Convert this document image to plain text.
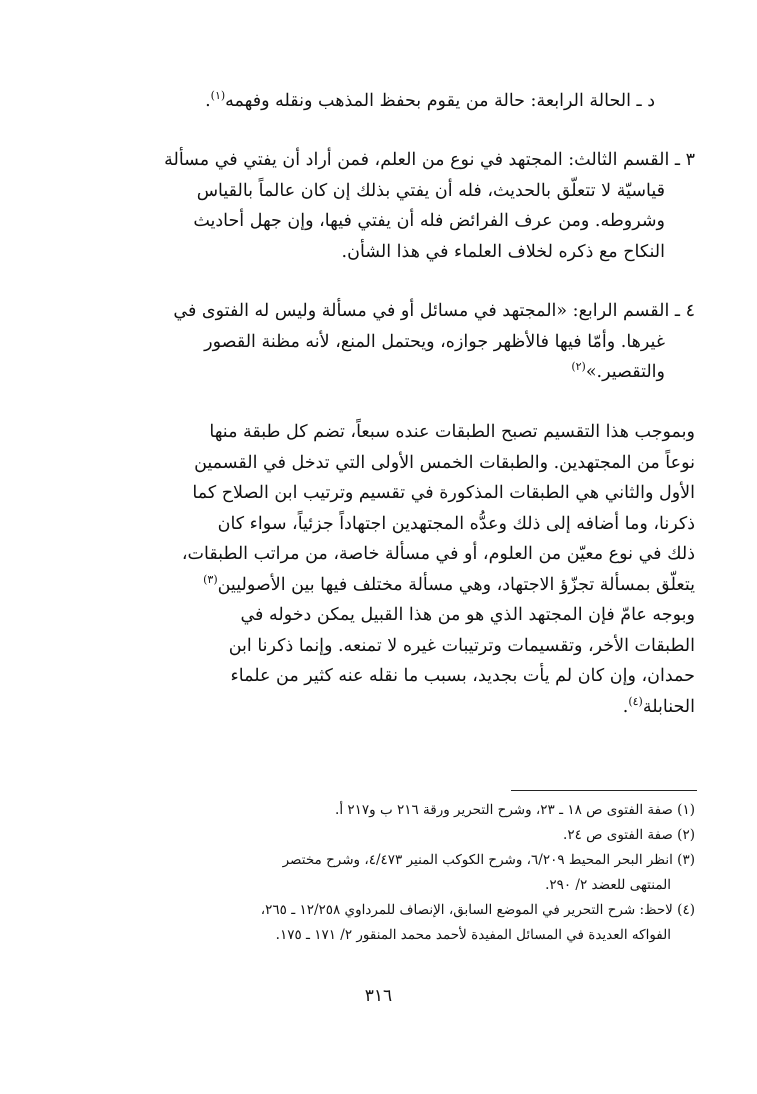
د ـ الحالة الرابعة: حالة من يقوم بحفظ المذهب ونقله وفهمه$^{(١)}$.
٣ ـ القسم الثالث: المجتهد في نوع من العلم، فمن أراد أن يفتي في مسألة
قياسيّة لا تتعلّق بالحديث، فله أن يفتي بذلك إن كان عالماً بالقياس
وشروطه. ومن عرف الفرائض فله أن يفتي فيها، وإن جهل أحاديث
النكاح مع ذكره لخلاف العلماء في هذا الشأن.
٤ ـ القسم الرابع: «المجتهد في مسائل أو في مسألة وليس له الفتوى في
غيرها. وأمّا فيها فالأظهر جوازه، ويحتمل المنع، لأنه مظنة القصور
والتقصير.»$^{(٢)}$
وبموجب هذا التقسيم تصبح الطبقات عنده سبعاً، تضم كل طبقة منها
نوعاً من المجتهدين. والطبقات الخمس الأولى التي تدخل في القسمين
الأول والثاني هي الطبقات المذكورة في تقسيم وترتيب ابن الصلاح كما
ذكرنا، وما أضافه إلى ذلك وعدُّه المجتهدين اجتهاداً جزئياً، سواء كان
ذلك في نوع معيّن من العلوم، أو في مسألة خاصة، من مراتب الطبقات،
يتعلّق بمسألة تجزّؤ الاجتهاد، وهي مسألة مختلف فيها بين الأصوليين$^{(٣)}$
وبوجه عامّ فإن المجتهد الذي هو من هذا القبيل يمكن دخوله في
الطبقات الأخر، وتقسيمات وترتيبات غيره لا تمنعه. وإنما ذكرنا ابن
حمدان، وإن كان لم يأت بجديد، بسبب ما نقله عنه كثير من علماء
الحنابلة$^{(٤)}$.
(١) صفة الفتوى ص ١٨ ـ ٢٣، وشرح التحرير ورقة ٢١٦ ب و٢١٧ أ.
(٢) صفة الفتوى ص ٢٤.
(٣) انظر البحر المحيط ٦/٢٠٩، وشرح الكوكب المنير ٤/٤٧٣، وشرح مختصر
المنتهى للعضد ٢/ ٢٩٠.
(٤) لاحظ: شرح التحرير في الموضع السابق، الإنصاف للمرداوي ١٢/٢٥٨ ـ ٢٦٥،
الفواكه العديدة في المسائل المفيدة لأحمد محمد المنقور ٢/ ١٧١ ـ ١٧٥.
٣١٦
